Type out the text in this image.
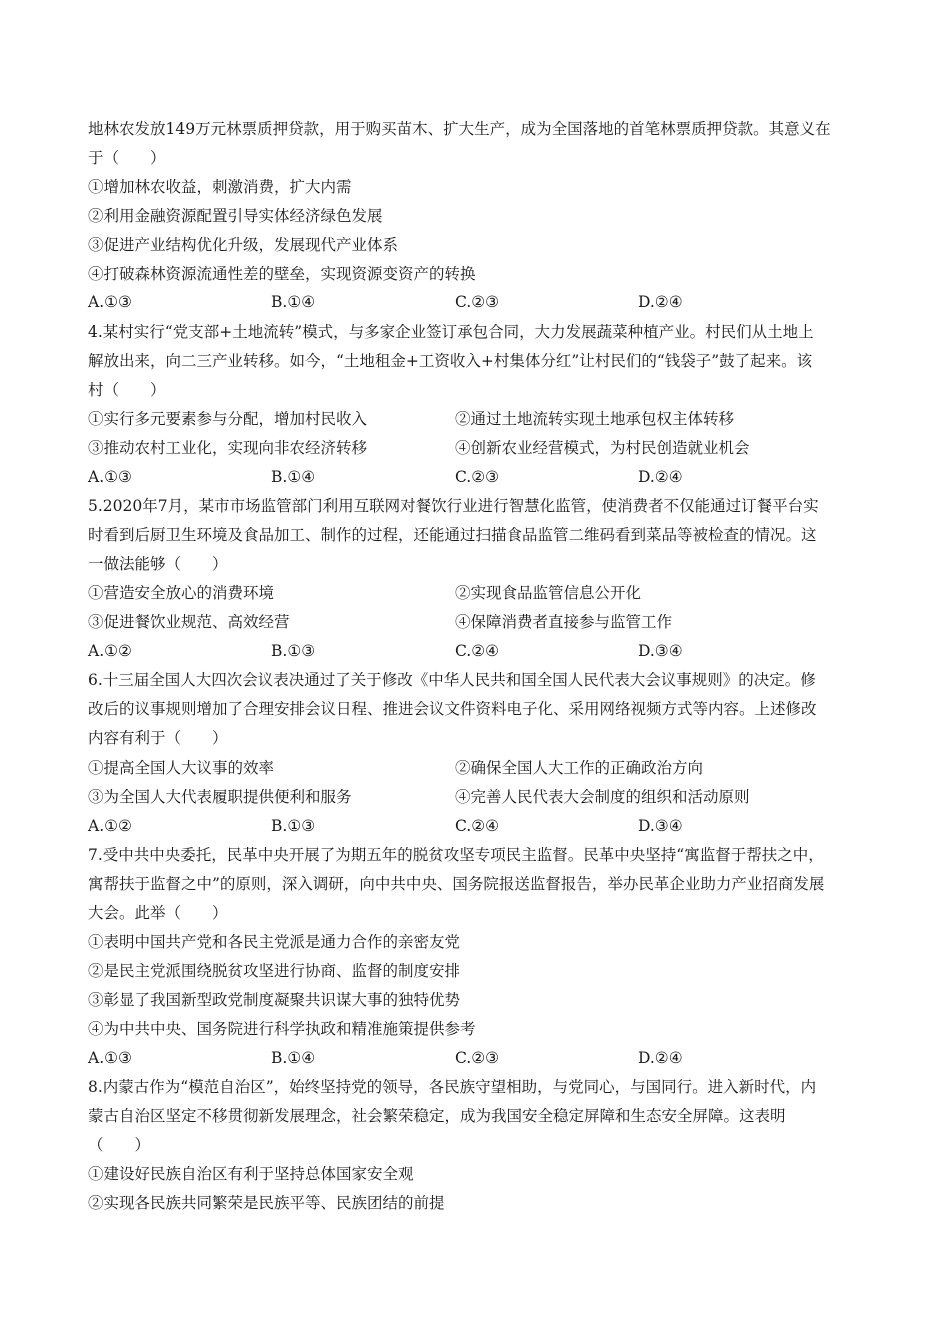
地林农发放149万元林票质押贷款，用于购买苗木、扩大生产，成为全国落地的首笔林票质押贷款。其意义在
于（　　）
①增加林农收益，刺激消费，扩大内需
②利用金融资源配置引导实体经济绿色发展
③促进产业结构优化升级，发展现代产业体系
④打破森林资源流通性差的壁垒，实现资源变资产的转换
A.①③	B.①④	C.②③	D.②④
4.某村实行“党支部+土地流转”模式，与多家企业签订承包合同，大力发展蔬菜种植产业。村民们从土地上
解放出来，向二三产业转移。如今，“土地租金+工资收入+村集体分红”让村民们的“钱袋子”鼓了起来。该
村（　　）
①实行多元要素参与分配，增加村民收入	②通过土地流转实现土地承包权主体转移
③推动农村工业化，实现向非农经济转移	④创新农业经营模式，为村民创造就业机会
A.①③	B.①④	C.②③	D.②④
5.2020年7月，某市市场监管部门利用互联网对餐饮行业进行智慧化监管，使消费者不仅能通过订餐平台实
时看到后厨卫生环境及食品加工、制作的过程，还能通过扫描食品监管二维码看到菜品等被检查的情况。这
一做法能够（　　）
①营造安全放心的消费环境	②实现食品监管信息公开化
③促进餐饮业规范、高效经营	④保障消费者直接参与监管工作
A.①②	B.①③	C.②④	D.③④
6.十三届全国人大四次会议表决通过了关于修改《中华人民共和国全国人民代表大会议事规则》的决定。修
改后的议事规则增加了合理安排会议日程、推进会议文件资料电子化、采用网络视频方式等内容。上述修改
内容有利于（　　）
①提高全国人大议事的效率	②确保全国人大工作的正确政治方向
③为全国人大代表履职提供便利和服务	④完善人民代表大会制度的组织和活动原则
A.①②	B.①③	C.②④	D.③④
7.受中共中央委托，民革中央开展了为期五年的脱贫攻坚专项民主监督。民革中央坚持“寓监督于帮扶之中，
寓帮扶于监督之中”的原则，深入调研，向中共中央、国务院报送监督报告，举办民革企业助力产业招商发展
大会。此举（　　）
①表明中国共产党和各民主党派是通力合作的亲密友党
②是民主党派围绕脱贫攻坚进行协商、监督的制度安排
③彰显了我国新型政党制度凝聚共识谋大事的独特优势
④为中共中央、国务院进行科学执政和精准施策提供参考
A.①③	B.①④	C.②③	D.②④
8.内蒙古作为“模范自治区”，始终坚持党的领导，各民族守望相助，与党同心，与国同行。进入新时代，内
蒙古自治区坚定不移贯彻新发展理念，社会繁荣稳定，成为我国安全稳定屏障和生态安全屏障。这表明
（　　）
①建设好民族自治区有利于坚持总体国家安全观
②实现各民族共同繁荣是民族平等、民族团结的前提
